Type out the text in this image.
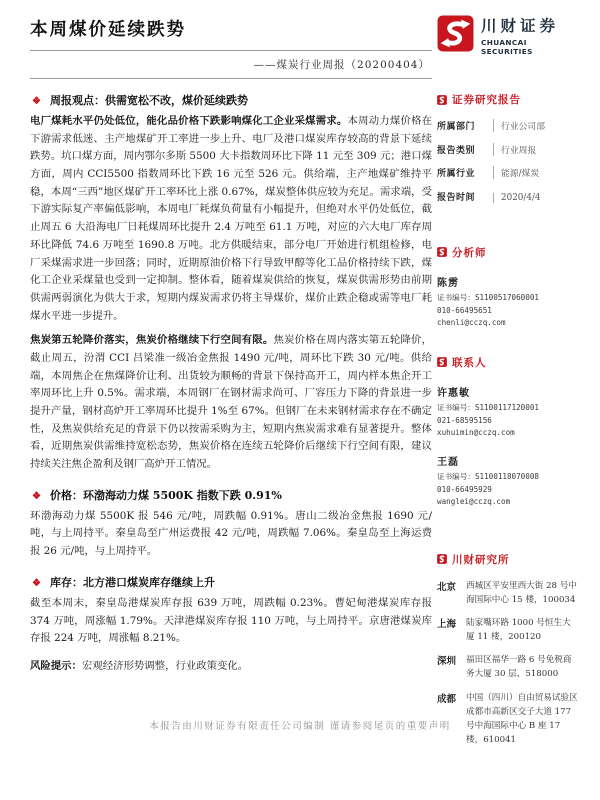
本周煤价延续跌势
——煤炭行业周报（20200404）
❖ 周报观点：供需宽松不改，煤价延续跌势

电厂煤耗水平仍处低位，能化品价格下跌影响煤化工企业采煤需求。本周动力煤价格在下游需求低迷、主产地煤矿开工率进一步上升、电厂及港口煤炭库存较高的背景下延续跌势。坑口煤方面，周内鄂尔多斯 5500 大卡指数周环比下降 11 元至 309 元；港口煤方面，周内 CCI5500 指数周环比下跌 16 元至 526 元。供给端，主产地煤矿维持平稳，本周“三西”地区煤矿开工率环比上涨 0.67%，煤炭整体供应较为充足。需求端，受下游实际复产率偏低影响，本周电厂耗煤负荷量有小幅提升，但绝对水平仍处低位，截止周五 6 大沿海电厂日耗煤周环比提升 2.4 万吨至 61.1 万吨，对应的六大电厂库存周环比降低 74.6 万吨至 1690.8 万吨。北方供暖结束，部分电厂开始进行机组检修，电厂采煤需求进一步回落；同时，近期原油价格下行导致甲醇等化工品价格持续下跌，煤化工企业采煤量也受到一定抑制。整体看，随着煤炭供给的恢复，煤炭供需形势由前期供需两弱演化为供大于求，短期内煤炭需求仍将主导煤价，煤价止跌企稳或需等电厂耗煤水平进一步提升。

焦炭第五轮降价落实，焦炭价格继续下行空间有限。焦炭价格在周内落实第五轮降价，截止周五，汾渭 CCI 吕梁准一级冶金焦报 1490 元/吨，周环比下跌 30 元/吨。供给端，本周焦企在焦煤降价让利、出货较为顺畅的背景下保持高开工，周内样本焦企开工率周环比上升 0.5%。需求端，本周钢厂在钢材需求尚可、厂容压力下降的背景进一步提升产量，钢材高炉开工率周环比提升 1%至 67%。但钢厂在未来钢材需求存在不确定性，及焦炭供给充足的背景下仍以按需采购为主，短期内焦炭需求难有显著提升。整体看，近期焦炭供需维持宽松态势，焦炭价格在连续五轮降价后继续下行空间有限，建议持续关注焦企盈利及钢厂高炉开工情况。

❖ 价格：环渤海动力煤 5500K 指数下跌 0.91%

环渤海动力煤 5500K 报 546 元/吨，周跌幅 0.91%。唐山二级冶金焦报 1690 元/吨，与上周持平。秦皇岛至广州运费报 42 元/吨，周跌幅 7.06%。秦皇岛至上海运费报 26 元/吨，与上周持平。

❖ 库存：北方港口煤炭库存继续上升

截至本周末，秦皇岛港煤炭库存报 639 万吨，周跌幅 0.23%。曹妃甸港煤炭库存报 374 万吨，周涨幅 1.79%。天津港煤炭库存报 110 万吨，与上周持平。京唐港煤炭库存报 224 万吨，周涨幅 8.21%。

风险提示：宏观经济形势调整，行业政策变化。

川财证券
CHUANCAI SECURITIES
证券研究报告
所属部门	行业公司部
报告类别	行业周报
所属行业	能源/煤炭
报告时间	2020/4/4
分析师
陈雳
证书编号：S1100517060001
010-66495651
chenli@cczq.com
联系人
许惠敏
证书编号：S1100117120001
021-68595156
xuhuimin@cczq.com
王磊
证书编号：S1100118070008
010-66495929
wanglei@cczq.com
川财研究所
北京 西城区平安里西大街 28 号中海国际中心 15 楼，100034
上海 陆家嘴环路 1000 号恒生大厦 11 楼，200120
深圳 福田区福华一路 6 号免税商务大厦 30 层，518000
成都 中国（四川）自由贸易试验区成都市高新区交子大道 177 号中海国际中心 B 座 17 楼，610041
本报告由川财证券有限责任公司编制 谨请参阅尾页的重要声明
